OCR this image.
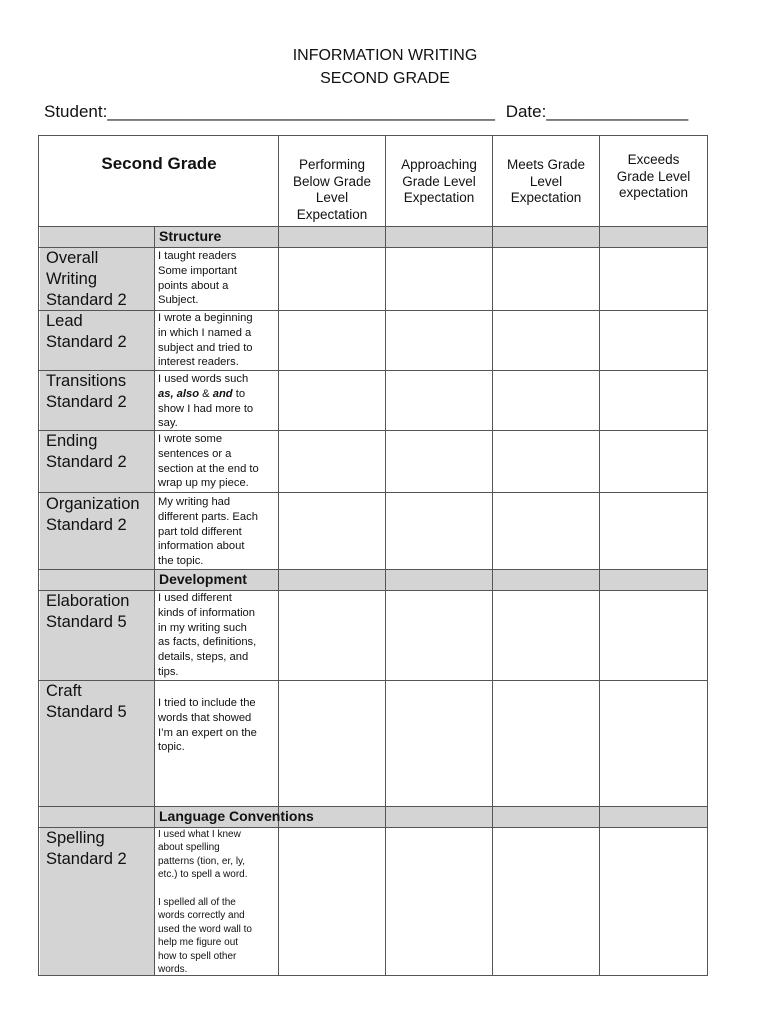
INFORMATION WRITING
SECOND GRADE
Student:_________________________________________ Date:_______________
Second Grade	Performing
Below Grade
Level
Expectation
Approaching
Grade Level
Expectation
Meets Grade
Level
Expectation
Exceeds
Grade Level
expectation
Structure
Development
Language Conventions
Overall
Writing
Standard 2
I taught readers
Some important
points about a
Subject.
Lead
Standard 2
I wrote a beginning
in which I named a
subject and tried to
interest readers.
Transitions
Standard 2
I used words such
as, also & and to
show I had more to
say.
Ending
Standard 2
I wrote some
sentences or a
section at the end to
wrap up my piece.
Organization
Standard 2
My writing had
different parts. Each
part told different
information about
the topic.
Elaboration
Standard 5
I used different
kinds of information
in my writing such
as facts, definitions,
details, steps, and
tips.
Craft
Standard 5	I tried to include the
words that showed
I’m an expert on the
topic.
Spelling
Standard 2
I used what I knew
about spelling
patterns (tion, er, ly,
etc.) to spell a word.
I spelled all of the
words correctly and
used the word wall to
help me figure out
how to spell other
words.
